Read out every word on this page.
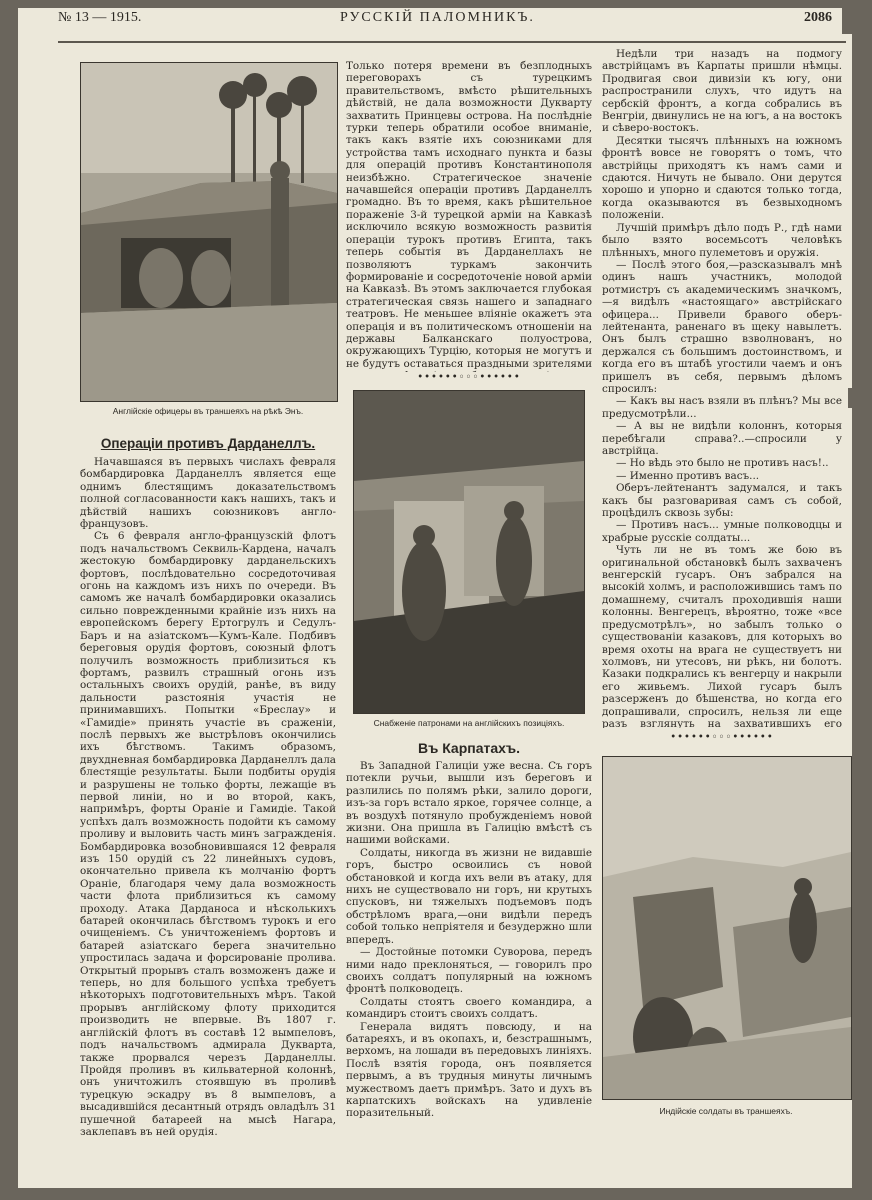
№ 13 — 1915.	РУССКІЙ ПАЛОМНИКЪ.	2086
Англійскіе офицеры въ траншеяхъ на рѣкѣ Энъ.
Операціи противъ Дарданеллъ.

Начавшаяся въ первыхъ числахъ февраля бомбардировка Дарданеллъ является еще однимъ блестящимъ доказательствомъ полной согласованности какъ нашихъ, такъ и дѣйствій нашихъ союзниковъ англо-французовъ.

Съ 6 февраля англо-французскій флотъ подъ начальствомъ Секвиль-Кардена, началъ жестокую бомбардировку дарданельскихъ фортовъ, послѣдовательно сосредоточивая огонь на каждомъ изъ нихъ по очереди. Въ самомъ же началѣ бомбардировки оказались сильно поврежденными крайніе изъ нихъ на европейскомъ берегу Ертогрулъ и Седулъ-Баръ и на азіатскомъ—Кумъ-Кале. Подбивъ береговыя орудія фортовъ, союзный флотъ получилъ возможность приблизиться къ фортамъ, развилъ страшный огонь изъ остальныхъ своихъ орудій, ранѣе, въ виду дальности разстоянія участія не принимавшихъ. Попытки «Бреслау» и «Гамидіе» принять участіе въ сраженіи, послѣ первыхъ же выстрѣловъ окончились ихъ бѣгствомъ. Такимъ образомъ, двухдневная бомбардировка Дарданеллъ дала блестящіе результаты. Были подбиты орудія и разрушены не только форты, лежащіе въ первой линіи, но и во второй, какъ, напримѣръ, форты Оранiе и Гамидіе. Такой успѣхъ далъ возможность подойти къ самому проливу и выловить часть минъ загражденія. Бомбардировка возобновившаяся 12 февраля изъ 150 орудій съ 22 линейныхъ судовъ, окончательно привела къ молчанію фортъ Оранiе, благодаря чему дала возможность части флота приблизиться къ самому проходу. Атака Дарданоса и нѣсколькихъ батарей окончилась бѣгствомъ турокъ и его очищеніемъ. Съ уничтоженіемъ фортовъ и батарей азіатскаго берега значительно упростилась задача и форсированіе пролива. Открытый прорывъ сталъ возможенъ даже и теперь, но для большого успѣха требуетъ нѣкоторыхъ подготовительныхъ мѣръ. Такой прорывъ англійскому флоту приходится производить не впервые. Въ 1807 г. англійскій флотъ въ составѣ 12 вымпеловъ, подъ начальствомъ адмирала Дукварта, также прорвался черезъ Дарданеллы. Пройдя проливъ въ кильватерной колоннѣ, онъ уничтожилъ стоявшую въ проливѣ турецкую эскадру въ 8 вымпеловъ, а высадившійся десантный отрядъ овладѣлъ 31 пушечной батареей на мысѣ Нагара, заклепавъ въ ней орудія.

Только потеря времени въ безплодныхъ переговорахъ съ турецкимъ правительствомъ, вмѣсто рѣшительныхъ дѣйствій, не дала возможности Дукварту захватить Принцевы острова. На послѣдніе турки теперь обратили особое вниманіе, такъ какъ взятіе ихъ союзниками для устройства тамъ исходнаго пункта и базы для операцій противъ Константинополя неизбѣжно. Стратегическое значеніе начавшейся операціи противъ Дарданеллъ громадно. Въ то время, какъ рѣшительное пораженіе 3-й турецкой арміи на Кавказѣ исключило всякую возможность развитія операціи турокъ противъ Египта, такъ теперь событія въ Дарданеллахъ не позволяютъ туркамъ закончить формированіе и сосредоточеніе новой арміи на Кавказѣ. Въ этомъ заключается глубокая стратегическая связь нашего и западнаго театровъ. Не меньшее вліяніе окажетъ эта операція и въ политическомъ отношеніи на державы Балканскаго полуострова, окружающихъ Турцію, которыя не могутъ и не будутъ оставаться праздными зрителями

••••••◦◦◦••••••
Снабженіе патронами на англійскихъ позиціяхъ.
Въ Карпатахъ.

Въ Западной Галиціи уже весна. Съ горъ потекли ручьи, вышли изъ береговъ и разлились по полямъ рѣки, залило дороги, изъ-за горъ встало яркое, горячее солнце, а въ воздухѣ потянуло пробужденіемъ новой жизни. Она пришла въ Галицію вмѣстѣ съ нашими войсками.

Солдаты, никогда въ жизни не видавшіе горъ, быстро освоились съ новой обстановкой и когда ихъ вели въ атаку, для нихъ не существовало ни горъ, ни крутыхъ спусковъ, ни тяжелыхъ подъемовъ подъ обстрѣломъ врага,—они видѣли передъ собой только непріятеля и безудержно шли впередъ.

— Достойные потомки Суворова, передъ ними надо преклоняться, — говорилъ про своихъ солдатъ популярный на южномъ фронтѣ полководецъ.

Солдаты стоятъ своего командира, а командиръ стоитъ своихъ солдатъ.

Генерала видятъ повсюду, и на батареяхъ, и въ окопахъ, и, безстрашнымъ, верхомъ, на лошади въ передовыхъ линіяхъ. Послѣ взятія города, онъ появляется первымъ, а въ трудныя минуты личнымъ мужествомъ даетъ примѣръ. Зато и духъ въ карпатскихъ войскахъ на удивленіе поразительный.

Недѣли три назадъ на подмогу австрійцамъ въ Карпаты пришли нѣмцы. Продвигая свои дивизіи къ югу, они распространили слухъ, что идутъ на сербскій фронтъ, а когда собрались въ Венгріи, двинулись не на югъ, а на востокъ и сѣверо-востокъ.

Десятки тысячъ плѣнныхъ на южномъ фронтѣ вовсе не говорятъ о томъ, что австрійцы приходятъ къ намъ сами и сдаются. Ничуть не бывало. Они дерутся хорошо и упорно и сдаются только тогда, когда оказываются въ безвыходномъ положеніи.

Лучшій примѣръ дѣло подъ Р., гдѣ нами было взято восемьсотъ человѣкъ плѣнныхъ, много пулеметовъ и оружія.

— Послѣ этого боя,—разсказывалъ мнѣ одинъ нашъ участникъ, молодой ротмистръ съ академическимъ значкомъ,—я видѣлъ «настоящаго» австрійскаго офицера... Привели бравого оберъ-лейтенанта, раненаго въ щеку навылетъ. Онъ былъ страшно взволнованъ, но держался съ большимъ достоинствомъ, и когда его въ штабѣ угостили чаемъ и онъ пришелъ въ себя, первымъ дѣломъ спросилъ:

— Какъ вы насъ взяли въ плѣнъ? Мы все предусмотрѣли...

— А вы не видѣли колоннъ, которыя перебѣгали справа?..—спросили у австрійца.

— Но вѣдь это было не противъ насъ!..

— Именно противъ васъ...

Оберъ-лейтенантъ задумался, и такъ какъ бы разговаривая самъ съ собой, процѣдилъ сквозь зубы:

— Противъ насъ... умные полководцы и храбрые русскіе солдаты...

Чуть ли не въ томъ же бою въ оригинальной обстановкѣ былъ захваченъ венгерскій гусаръ. Онъ забрался на высокій холмъ, и расположившись тамъ по домашнему, считалъ проходившія наши колонны. Венгерецъ, вѣроятно, тоже «все предусмотрѣлъ», но забылъ только о существованіи казаковъ, для которыхъ во время охоты на врага не существуетъ ни холмовъ, ни утесовъ, ни рѣкъ, ни болотъ. Казаки подкрались къ венгерцу и накрыли его живьемъ. Лихой гусаръ былъ разсерженъ до бѣшенства, но когда его допрашивали, спросилъ, нельзя ли еще разъ взглянуть на захватившихъ его

••••••◦◦◦••••••
Индійскіе солдаты въ траншеяхъ.
